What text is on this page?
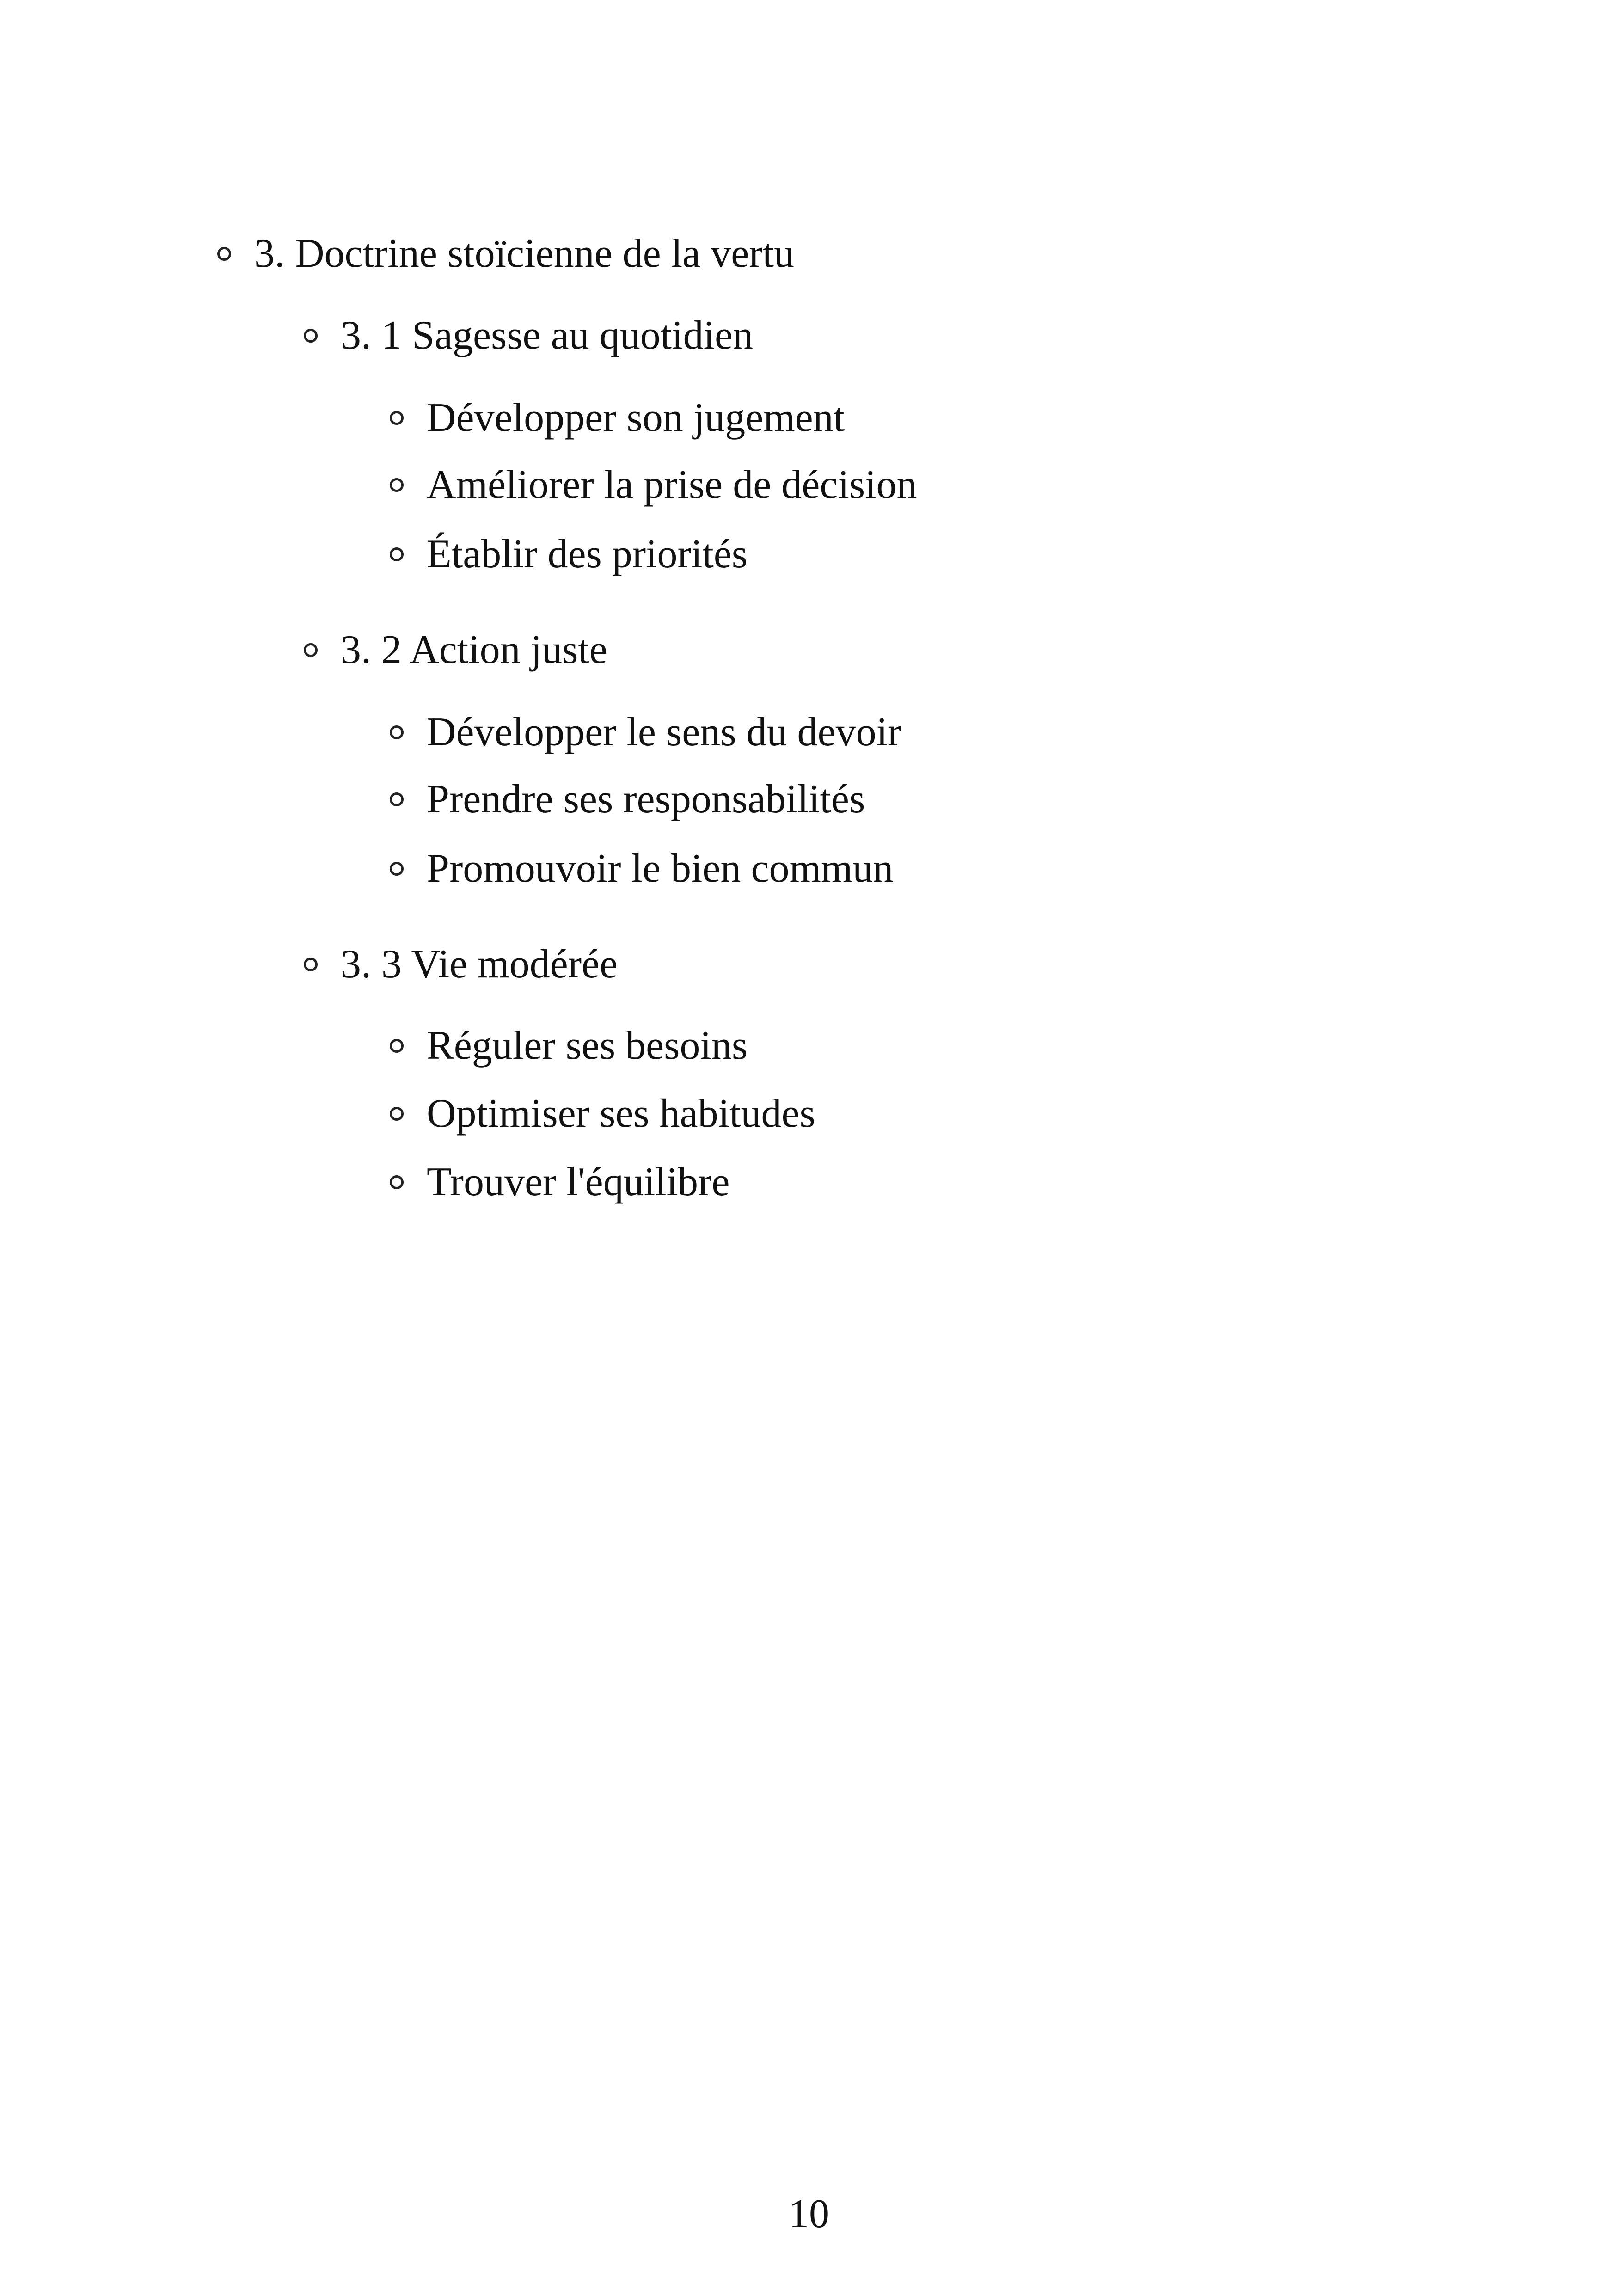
3. Doctrine stoïcienne de la vertu
3. 1 Sagesse au quotidien
Développer son jugement
Améliorer la prise de décision
Établir des priorités
3. 2 Action juste
Développer le sens du devoir
Prendre ses responsabilités
Promouvoir le bien commun
3. 3 Vie modérée
Réguler ses besoins
Optimiser ses habitudes
Trouver l'équilibre
10
